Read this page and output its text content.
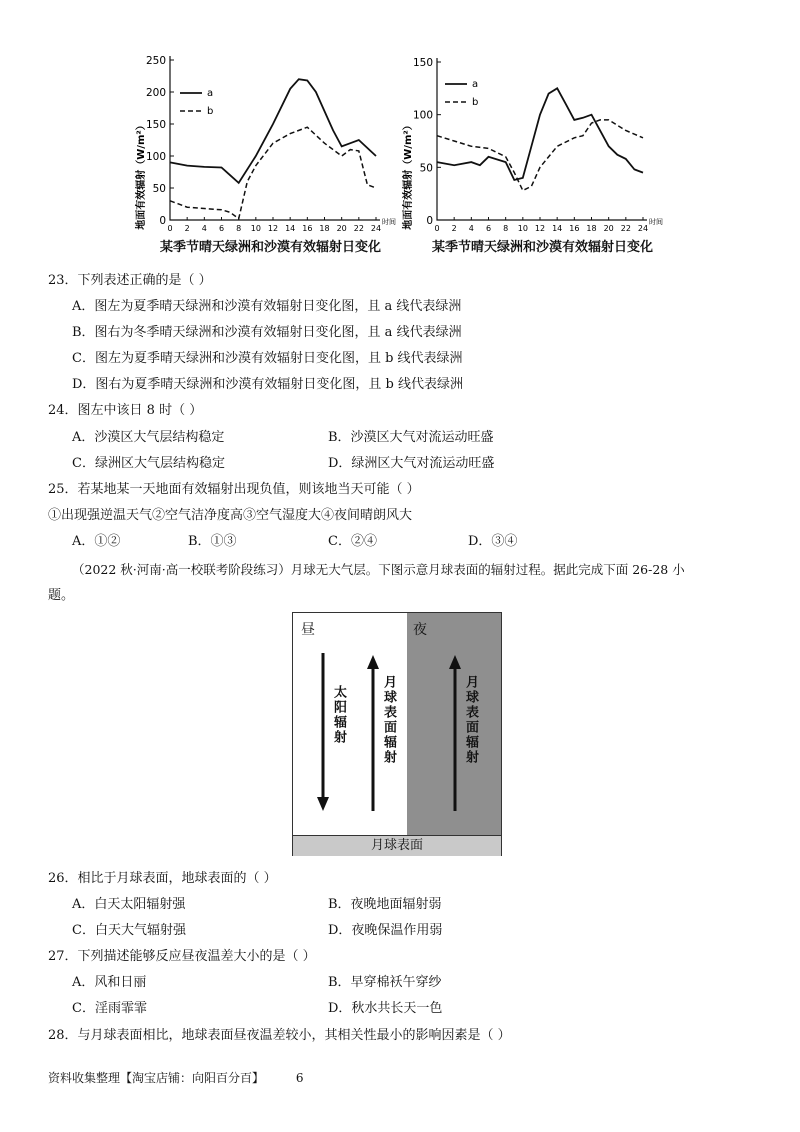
地面有效辐射（W/m²） 0
50
100
150
200
250
0 2 4 6 8 10 12 14 16 18 20 22 24
时间
a
b
某季节晴天绿洲和沙漠有效辐射日变化
地面有效辐射（W/m²） 0
50
100
150
0 2 4 6 8 10 12 14 16 18 20 22 24
时间
a
b
某季节晴天绿洲和沙漠有效辐射日变化
23．下列表述正确的是（ ）
A．图左为夏季晴天绿洲和沙漠有效辐射日变化图，且 a 线代表绿洲
B．图右为冬季晴天绿洲和沙漠有效辐射日变化图，且 a 线代表绿洲
C．图左为夏季晴天绿洲和沙漠有效辐射日变化图，且 b 线代表绿洲
D．图右为夏季晴天绿洲和沙漠有效辐射日变化图，且 b 线代表绿洲
24．图左中该日 8 时（ ）
A．沙漠区大气层结构稳定	B．沙漠区大气对流运动旺盛
C．绿洲区大气层结构稳定	D．绿洲区大气对流运动旺盛
25．若某地某一天地面有效辐射出现负值，则该地当天可能（ ）
①出现强逆温天气②空气洁净度高③空气湿度大④夜间晴朗风大
A．①②	B．①③	C．②④	D．③④
（2022 秋·河南·高一校联考阶段练习）月球无大气层。下图示意月球表面的辐射过程。据此完成下面 26-28 小
题。
昼
太阳辐射	月球表面辐射
夜
月球表面辐射
月球表面
26．相比于月球表面，地球表面的（ ）
A．白天太阳辐射强	B．夜晚地面辐射弱
C．白天大气辐射强	D．夜晚保温作用弱
27．下列描述能够反应昼夜温差大小的是（ ）
A．风和日丽	B．早穿棉袄午穿纱
C．淫雨霏霏	D．秋水共长天一色
28．与月球表面相比，地球表面昼夜温差较小，其相关性最小的影响因素是（ ）
资料收集整理【淘宝店铺：向阳百分百】	6
